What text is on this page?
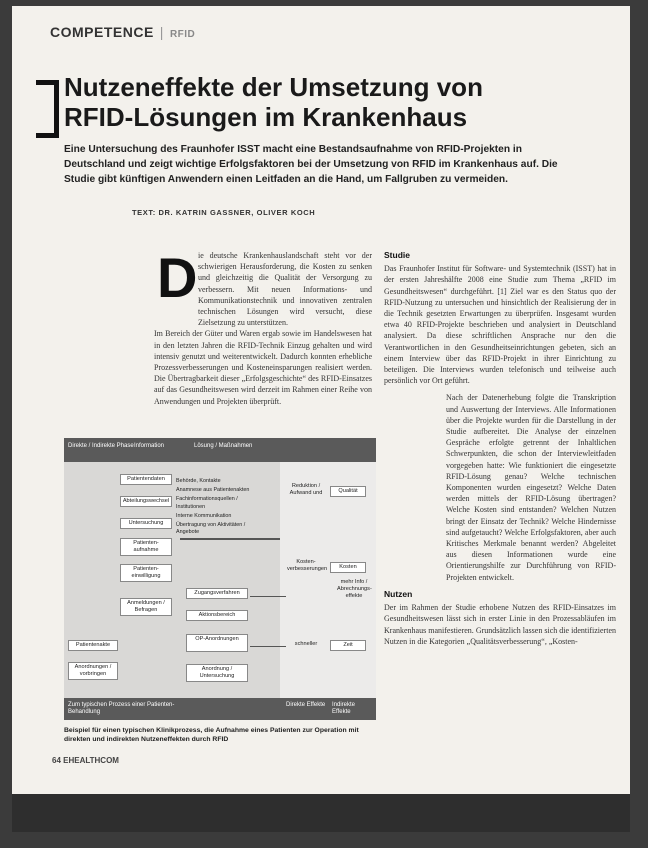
COMPETENCE | RFID
Nutzeneffekte der Umsetzung von
RFID-Lösungen im Krankenhaus
Eine Untersuchung des Fraunhofer ISST macht eine Bestandsaufnahme von RFID-Projekten in Deutschland und zeigt wichtige Erfolgsfaktoren bei der Umsetzung von RFID im Krankenhaus auf. Die Studie gibt künftigen Anwendern einen Leitfaden an die Hand, um Fallgruben zu vermeiden.
TEXT: DR. KATRIN GASSNER, OLIVER KOCH
D ie deutsche Krankenhauslandschaft steht vor der schwierigen Herausforderung, die Kosten zu senken und gleichzeitig die Qualität der Versorgung zu verbessern. Mit neuen Informations- und Kommunikationstechnik und innovativen zentralen technischen Lösungen wird versucht, diese Zielsetzung zu unterstützen.
Im Bereich der Güter und Waren ergab sowie im Handelswesen hat in den letzten Jahren die RFID-Technik Einzug gehalten und wird intensiv genutzt und weiterentwickelt. Dadurch konnten erhebliche Prozessverbesserungen und Kosteneinsparungen realisiert werden. Die Übertragbarkeit dieser „Erfolgsgeschichte“ des RFID-Einsatzes auf das Gesundheitswesen wird derzeit im Rahmen einer Reihe von Anwendungen und Projekten überprüft.
Studie

Das Fraunhofer Institut für Software- und Systemtechnik (ISST) hat in der ersten Jahreshälfte 2008 eine Studie zum Thema „RFID im Gesundheitswesen“ durchgeführt. [1] Ziel war es den Status quo der RFID-Nutzung zu untersuchen und hinsichtlich der Realisierung der in die Technik gesetzten Erwartungen zu überprüfen. Insgesamt wurden etwa 40 RFID-Projekte beschrieben und analysiert in Deutschland analysiert. Da diese schriftlichen Ansprache nur den die Verantwortlichen in den Gesundheitseinrichtungen gebeten, sich an einem Interview über das RFID-Projekt in ihrer Einrichtung zu beteiligen. Die Interviews wurden telefonisch und teilweise auch persönlich vor Ort geführt.

Nach der Datenerhebung folgte die Transkription und Auswertung der Interviews. Alle Informationen über die Projekte wurden für die Darstellung in der Studie aufbereitet. Die Analyse der einzelnen Gespräche erfolgte getrennt der Inhaltlichen Schwerpunkten, die schon der Interviewleitfaden vorgegeben hatte: Wie funktioniert die eingesetzte RFID-Lösung genau? Welche technischen Komponenten wurden eingesetzt? Welche Daten werden mittels der RFID-Lösung übertragen? Welche Kosten sind entstanden? Welchen Nutzen bringt der Einsatz der Technik? Welche Hindernisse sind aufgetaucht? Welche Erfolgsfaktoren, aber auch Kritisches Merkmale benannt werden? Abgeleitet aus diesen Informationen wurde eine Orientierungshilfe zur Durchführung von RFID-Projekten entwickelt.

Nutzen

Der im Rahmen der Studie erhobene Nutzen des RFID-Einsatzes im Gesundheitswesen lässt sich in erster Linie in den Prozessabläufen im Krankenhaus manifestieren. Grundsätzlich lassen sich die identifizierten Nutzen in die Kategorien „Qualitätsverbesserung“, „Kosten-

Direkte / Indirekte Phase Information	Lösung / Maßnahmen
Patientendaten
Abteilungswechsel
Untersuchung
Patientenaufnahme
Patienteneinwilligung
Anmeldungen / Befragen
Patientenakte
Anordnungen / vorbringen
Behörde, Kontakte
Anamnese aus Patientenakten
Fachinformationsquellen / Institutionen
Interne Kommunikation
Übertragung von Aktivitäten / Angebote
Zugangsverfahren
Aktionsbereich
OP-Anordnungen
Anordnung / Untersuchung
Reduktion / Aufwand und	Qualität
Kostenverbesserungen	Kosten
schneller	Zeit
mehr Info / Abrechnungseffekte
Zum typischen Prozess einer Patienten-Behandlung
Direkte Effekte Indirekte Effekte
Beispiel für einen typischen Klinikprozess, die Aufnahme eines Patienten zur Operation mit direkten und indirekten Nutzeneffekten durch RFID
64 EHEALTHCOM
